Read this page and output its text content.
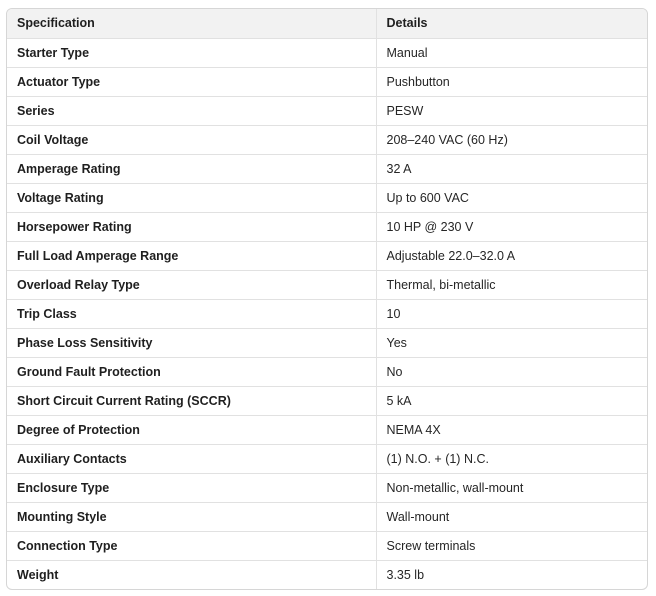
Specification	Details
Starter Type	Manual
Actuator Type	Pushbutton
Series	PESW
Coil Voltage	208–240 VAC (60 Hz)
Amperage Rating	32 A
Voltage Rating	Up to 600 VAC
Horsepower Rating	10 HP @ 230 V
Full Load Amperage Range	Adjustable 22.0–32.0 A
Overload Relay Type	Thermal, bi-metallic
Trip Class	10
Phase Loss Sensitivity	Yes
Ground Fault Protection	No
Short Circuit Current Rating (SCCR)	5 kA
Degree of Protection	NEMA 4X
Auxiliary Contacts	(1) N.O. + (1) N.C.
Enclosure Type	Non-metallic, wall-mount
Mounting Style	Wall-mount
Connection Type	Screw terminals
Weight	3.35 lb
